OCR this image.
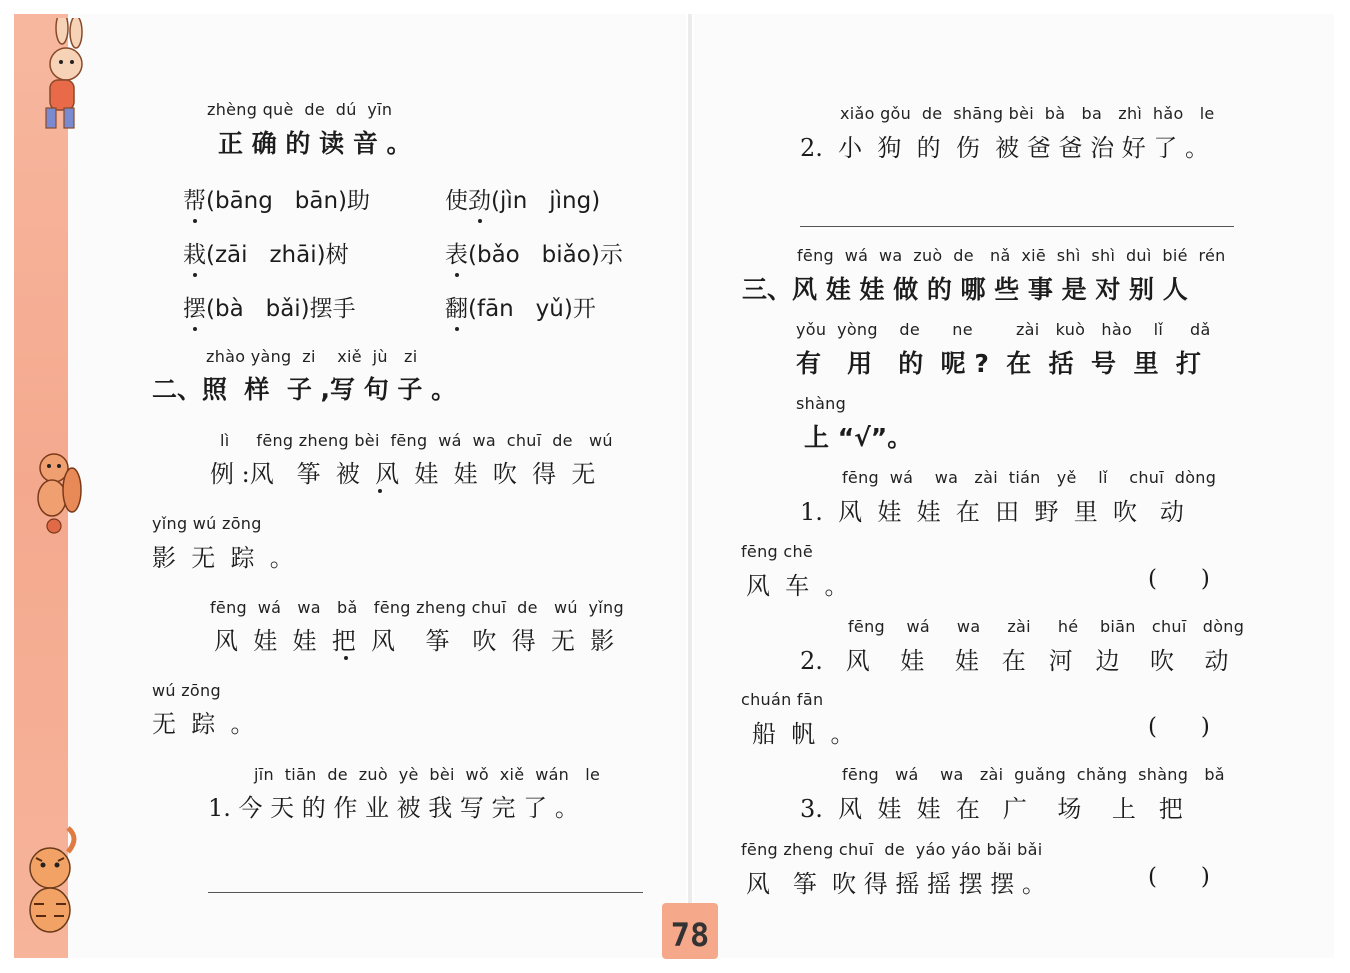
zhèng què  de  dú  yīn
正 确 的 读 音 。
帮(bāng   bān)助	使劲(jìn   jìng)
栽(zāi   zhāi)树	表(bǎo   biǎo)示
摆(bà   bǎi)摆手	翻(fān   yǔ)开
zhào yàng  zi    xiě  jù   zi
二、照  样  子 ,写 句 子 。
lì     fēng zheng bèi  fēng  wá  wa  chuī  de   wú
例 :风   筝  被  风  娃  娃  吹  得  无
yǐng wú zōng
影  无  踪  。
fēng  wá   wa   bǎ   fēng zheng chuī  de   wú  yǐng
风  娃  娃  把  风    筝   吹  得  无  影
wú zōng
无  踪  。
jīn  tiān  de  zuò  yè  bèi  wǒ  xiě  wán   le
1. 今 天 的 作 业 被 我 写 完 了 。
xiǎo gǒu  de  shāng bèi  bà   ba   zhì  hǎo   le
2.  小  狗  的  伤  被 爸 爸 治 好 了 。
fēng  wá  wa  zuò  de   nǎ  xiē  shì  shì  duì  bié  rén
三、风 娃 娃 做 的 哪 些 事 是 对 别 人
yǒu  yòng    de      ne        zài   kuò   hào    lǐ     dǎ
有   用   的  呢 ?  在  括  号  里  打
shàng
上 “√”。
fēng  wá    wa   zài  tián   yě    lǐ    chuī  dòng
1.  风  娃  娃  在  田  野  里  吹   动
fēng chē
风  车  。	(      )
fēng    wá     wa     zài     hé    biān   chuī   dòng
2.   风    娃    娃   在   河   边    吹    动
chuán fān
船  帆  。	(      )
fēng   wá    wa   zài  guǎng  chǎng  shàng   bǎ
3.  风  娃  娃  在   广    场    上   把
fēng zheng chuī  de  yáo yáo bǎi bǎi
风   筝  吹 得 摇 摇 摆 摆 。	(      )
78
